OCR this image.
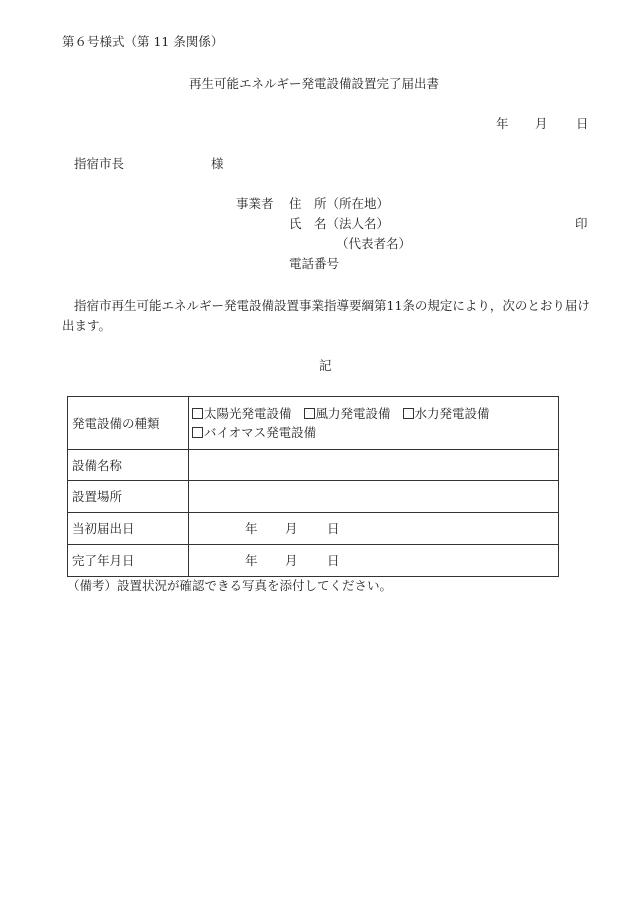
第６号様式（第 11 条関係）
再生可能エネルギー発電設備設置完了届出書
年 月 日
指宿市長	様
事業者 住　所（所在地）
氏　名（法人名）	印
（代表者名）
電話番号
指宿市再生可能エネルギー発電設備設置事業指導要綱第11条の規定により，次のとおり届け出ます。
記
発電設備の種類	太陽光発電設備 風力発電設備 水力発電設備
バイオマス発電設備

設備名称	
設置場所	
当初届出日	年 月 日
完了年月日	年 月 日
（備考）設置状況が確認できる写真を添付してください。
